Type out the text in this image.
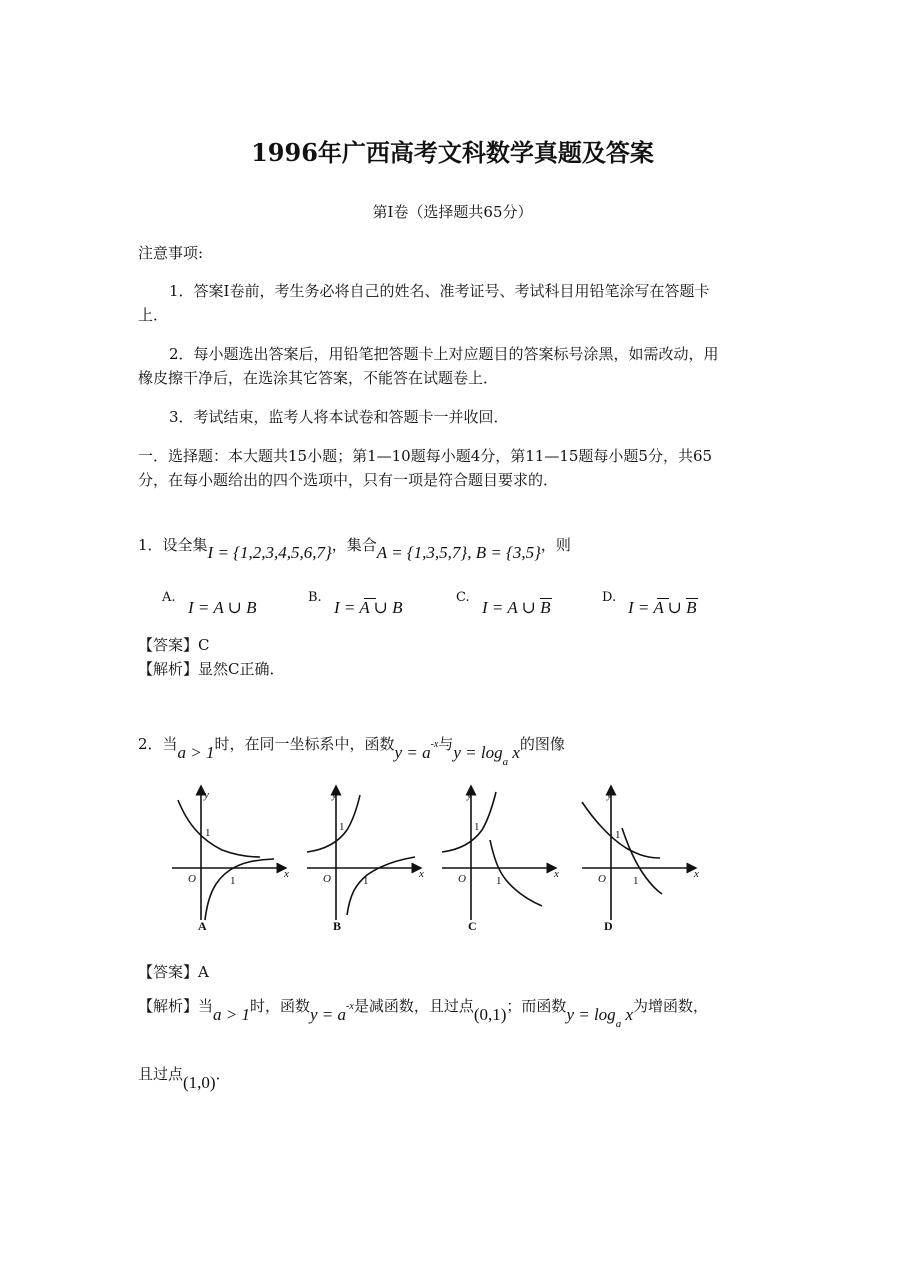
1996年广西高考文科数学真题及答案
第Ⅰ卷（选择题共65分）
注意事项:
1．答案Ⅰ卷前，考生务必将自己的姓名、准考证号、考试科目用铅笔涂写在答题卡
上．
2．每小题选出答案后，用铅笔把答题卡上对应题目的答案标号涂黑，如需改动，用
橡皮擦干净后，在选涂其它答案，不能答在试题卷上．
3．考试结束，监考人将本试卷和答题卡一并收回．
一．选择题：本大题共15小题；第1—10题每小题4分，第11—15题每小题5分，共65
分，在每小题给出的四个选项中，只有一项是符合题目要求的．
1．设全集I = {1,2,3,4,5,6,7}，集合A = {1,3,5,7}, B = {3,5}，则
A.
I = A ∪ B
B.
I = A ∪ B
C.
I = A ∪ B
D.
I = A ∪ B
【答案】C
【解析】显然C正确．
2．当a > 1时，在同一坐标系中，函数$y = a^{-x}$与$y = \log_a x$的图像
y
x
O
1
1
A
y
x
O
1
1
B
y
x
O
1
1
C
y
x
O
1
1
D
【答案】A
【解析】当a > 1时，函数$y = a^{-x}$是减函数，且过点(0,1)；而函数$y = \log_a x$为增函数，
且过点(1,0)．
